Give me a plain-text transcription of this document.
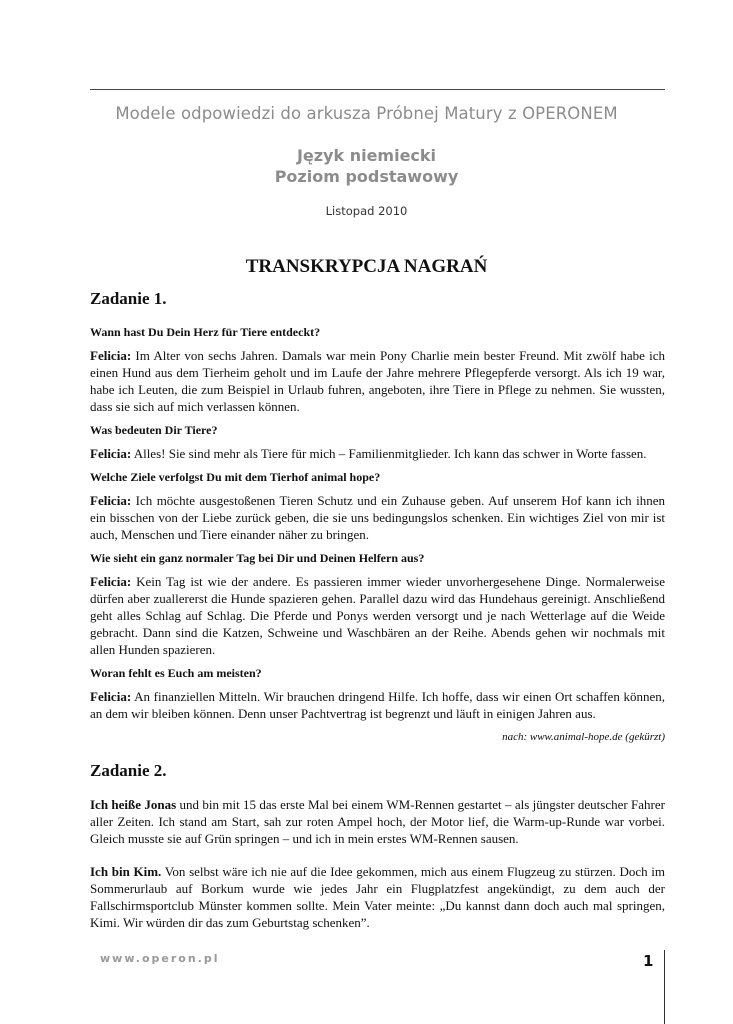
Modele odpowiedzi do arkusza Próbnej Matury z OPERONEM
Język niemiecki
Poziom podstawowy
Listopad 2010
TRANSKRYPCJA NAGRAŃ
Zadanie 1.
Wann hast Du Dein Herz für Tiere entdeckt?
Felicia: Im Alter von sechs Jahren. Damals war mein Pony Charlie mein bester Freund. Mit zwölf habe ich einen Hund aus dem Tierheim geholt und im Laufe der Jahre mehrere Pflegepferde versorgt. Als ich 19 war, habe ich Leuten, die zum Beispiel in Urlaub fuhren, angeboten, ihre Tiere in Pflege zu nehmen. Sie wussten, dass sie sich auf mich verlassen können.
Was bedeuten Dir Tiere?
Felicia: Alles! Sie sind mehr als Tiere für mich – Familienmitglieder. Ich kann das schwer in Worte fassen.
Welche Ziele verfolgst Du mit dem Tierhof animal hope?
Felicia: Ich möchte ausgestoßenen Tieren Schutz und ein Zuhause geben. Auf unserem Hof kann ich ihnen ein bisschen von der Liebe zurück geben, die sie uns bedingungslos schenken. Ein wichtiges Ziel von mir ist auch, Menschen und Tiere einander näher zu bringen.
Wie sieht ein ganz normaler Tag bei Dir und Deinen Helfern aus?
Felicia: Kein Tag ist wie der andere. Es passieren immer wieder unvorhergesehene Dinge. Normalerweise dürfen aber zuallererst die Hunde spazieren gehen. Parallel dazu wird das Hundehaus gereinigt. Anschließend geht alles Schlag auf Schlag. Die Pferde und Ponys werden versorgt und je nach Wetterlage auf die Weide gebracht. Dann sind die Katzen, Schweine und Waschbären an der Reihe. Abends gehen wir nochmals mit allen Hunden spazieren.
Woran fehlt es Euch am meisten?
Felicia: An finanziellen Mitteln. Wir brauchen dringend Hilfe. Ich hoffe, dass wir einen Ort schaffen können, an dem wir bleiben können. Denn unser Pachtvertrag ist begrenzt und läuft in einigen Jahren aus.
nach: www.animal-hope.de (gekürzt)
Zadanie 2.
Ich heiße Jonas und bin mit 15 das erste Mal bei einem WM-Rennen gestartet – als jüngster deutscher Fahrer aller Zeiten. Ich stand am Start, sah zur roten Ampel hoch, der Motor lief, die Warm-up-Runde war vorbei. Gleich musste sie auf Grün springen – und ich in mein erstes WM-Rennen sausen.
Ich bin Kim. Von selbst wäre ich nie auf die Idee gekommen, mich aus einem Flugzeug zu stürzen. Doch im Sommerurlaub auf Borkum wurde wie jedes Jahr ein Flugplatzfest angekündigt, zu dem auch der Fallschirmsportclub Münster kommen sollte. Mein Vater meinte: „Du kannst dann doch auch mal springen, Kimi. Wir würden dir das zum Geburtstag schenken”.
www.operon.pl	1
